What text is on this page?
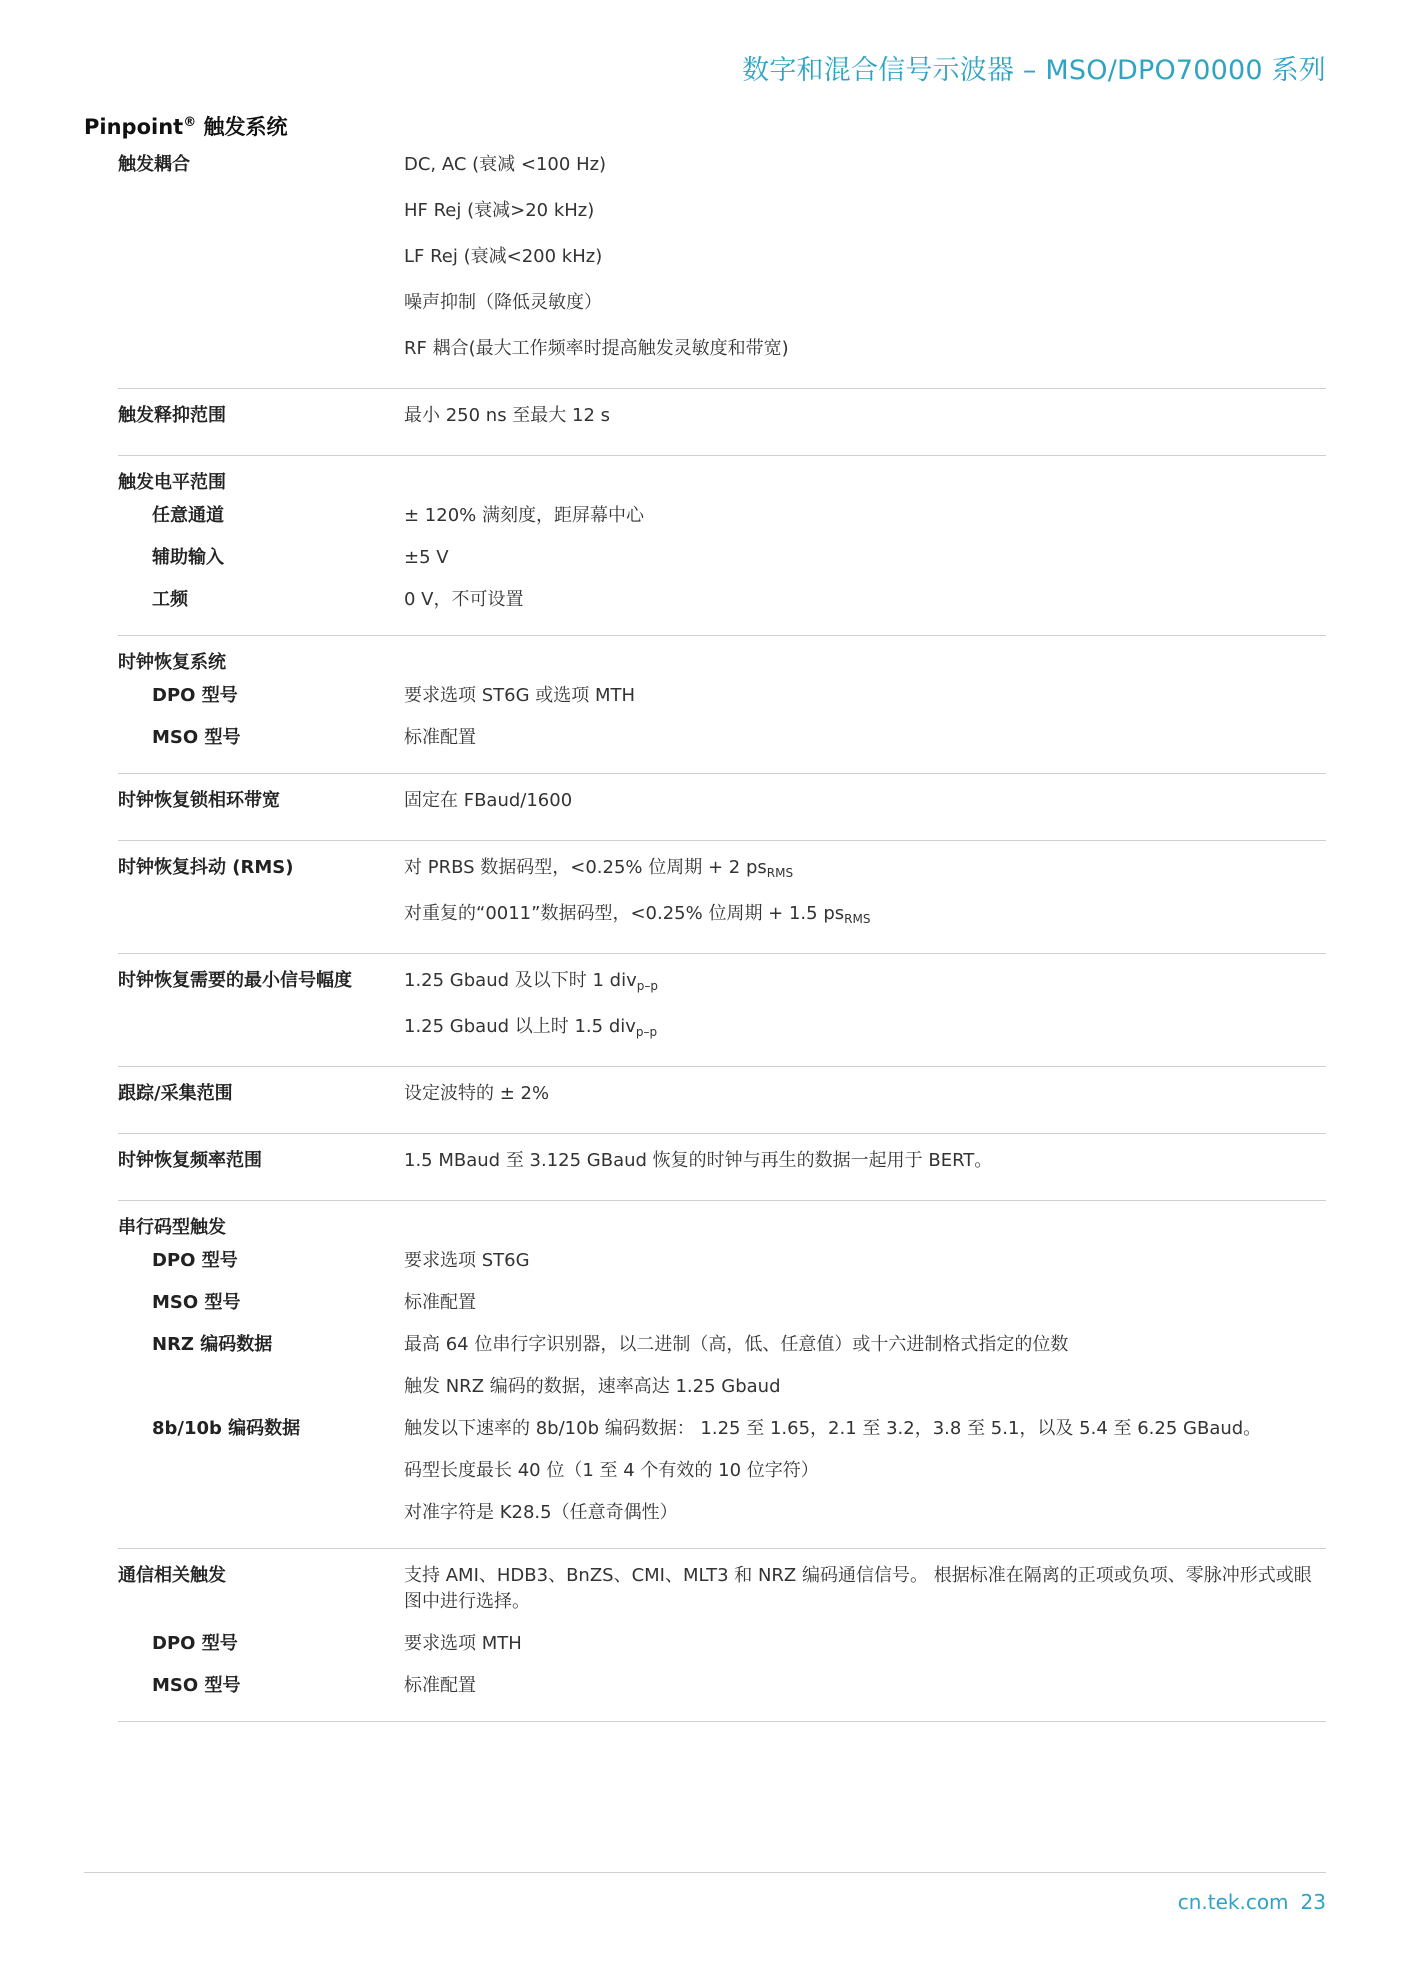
数字和混合信号示波器 – MSO/DPO70000 系列
Pinpoint® 触发系统
触发耦合	DC, AC (衰减 <100 Hz)
HF Rej (衰减>20 kHz)
LF Rej (衰减<200 kHz)
噪声抑制（降低灵敏度）
RF 耦合(最大工作频率时提高触发灵敏度和带宽)
触发释抑范围	最小 250 ns 至最大 12 s
触发电平范围

任意通道	± 120% 满刻度，距屏幕中心
辅助输入	±5 V
工频	0 V，不可设置
时钟恢复系统

DPO 型号	要求选项 ST6G 或选项 MTH
MSO 型号	标准配置
时钟恢复锁相环带宽	固定在 FBaud/1600
时钟恢复抖动 (RMS)	对 PRBS 数据码型，<0.25% 位周期 + 2 $ps_{RMS}$
对重复的“0011”数据码型，<0.25% 位周期 + 1.5 $ps_{RMS}$
时钟恢复需要的最小信号幅度	1.25 Gbaud 及以下时 1 div$_{p-p}$
1.25 Gbaud 以上时 1.5 div$_{p-p}$
跟踪/采集范围	设定波特的 ± 2%
时钟恢复频率范围	1.5 MBaud 至 3.125 GBaud 恢复的时钟与再生的数据一起用于 BERT。
串行码型触发

DPO 型号	要求选项 ST6G
MSO 型号	标准配置
NRZ 编码数据	最高 64 位串行字识别器，以二进制（高，低、任意值）或十六进制格式指定的位数
触发 NRZ 编码的数据，速率高达 1.25 Gbaud
8b/10b 编码数据	触发以下速率的 8b/10b 编码数据： 1.25 至 1.65，2.1 至 3.2，3.8 至 5.1，以及 5.4 至 6.25 GBaud。
码型长度最长 40 位（1 至 4 个有效的 10 位字符）
对准字符是 K28.5（任意奇偶性）
通信相关触发	支持 AMI、HDB3、BnZS、CMI、MLT3 和 NRZ 编码通信信号。 根据标准在隔离的正项或负项、零脉冲形式或眼图中进行选择。
DPO 型号	要求选项 MTH
MSO 型号	标准配置
cn.tek.com 23
